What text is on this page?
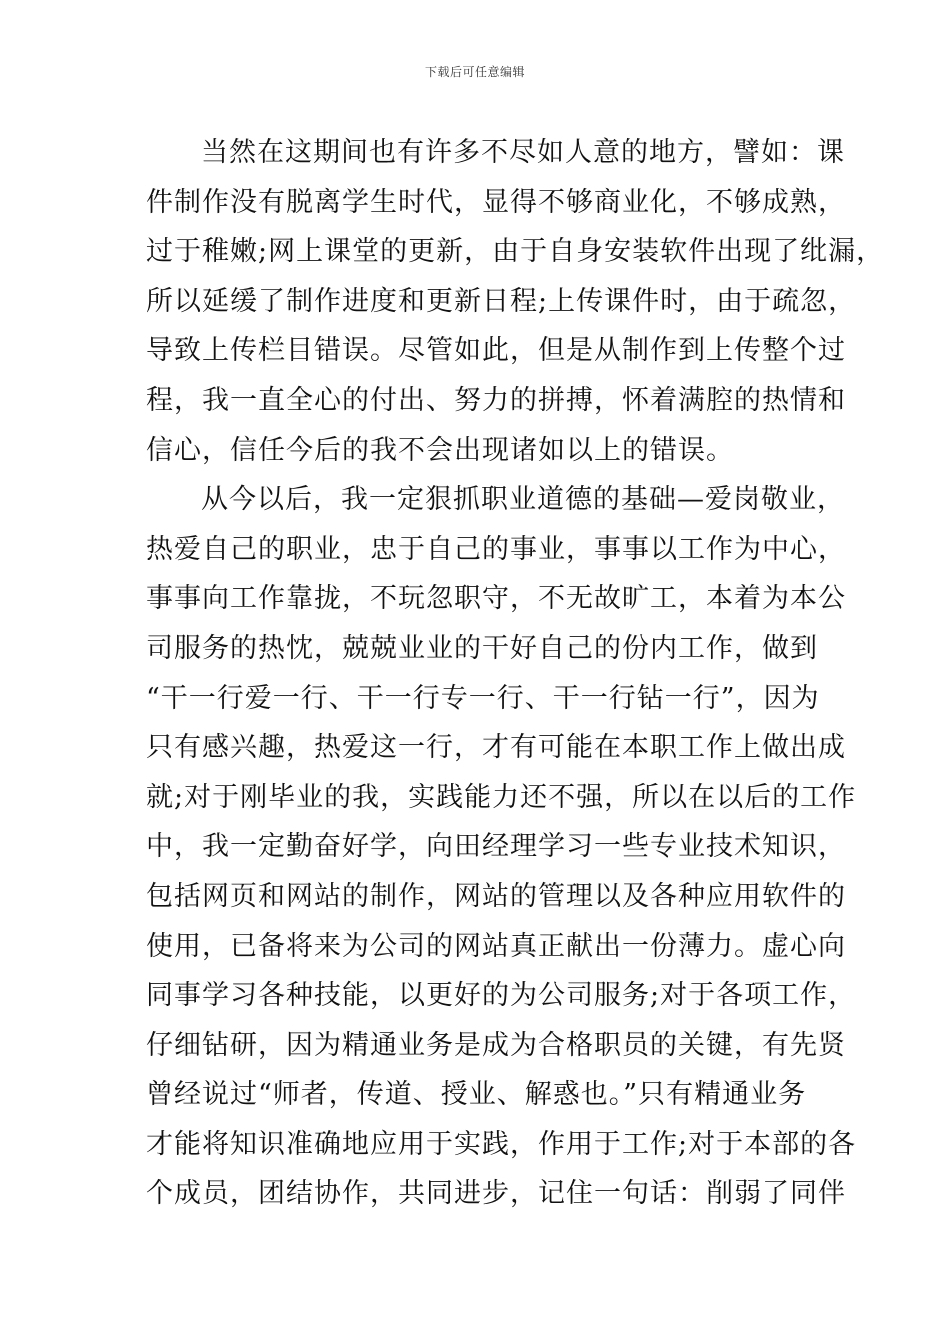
下载后可任意编辑
当然在这期间也有许多不尽如人意的地方，譬如：课
件制作没有脱离学生时代，显得不够商业化，不够成熟，
过于稚嫩;网上课堂的更新，由于自身安装软件出现了纰漏，
所以延缓了制作进度和更新日程;上传课件时，由于疏忽，
导致上传栏目错误。尽管如此，但是从制作到上传整个过
程，我一直全心的付出、努力的拼搏，怀着满腔的热情和
信心，信任今后的我不会出现诸如以上的错误。
从今以后，我一定狠抓职业道德的基础—爱岗敬业，
热爱自己的职业，忠于自己的事业，事事以工作为中心，
事事向工作靠拢，不玩忽职守，不无故旷工，本着为本公
司服务的热忱，兢兢业业的干好自己的份内工作，做到
“干一行爱一行、干一行专一行、干一行钻一行”，因为
只有感兴趣，热爱这一行，才有可能在本职工作上做出成
就;对于刚毕业的我，实践能力还不强，所以在以后的工作
中，我一定勤奋好学，向田经理学习一些专业技术知识，
包括网页和网站的制作，网站的管理以及各种应用软件的
使用，已备将来为公司的网站真正献出一份薄力。虚心向
同事学习各种技能，以更好的为公司服务;对于各项工作，
仔细钻研，因为精通业务是成为合格职员的关键，有先贤
曾经说过“师者，传道、授业、解惑也。”只有精通业务
才能将知识准确地应用于实践，作用于工作;对于本部的各
个成员，团结协作，共同进步，记住一句话：削弱了同伴
